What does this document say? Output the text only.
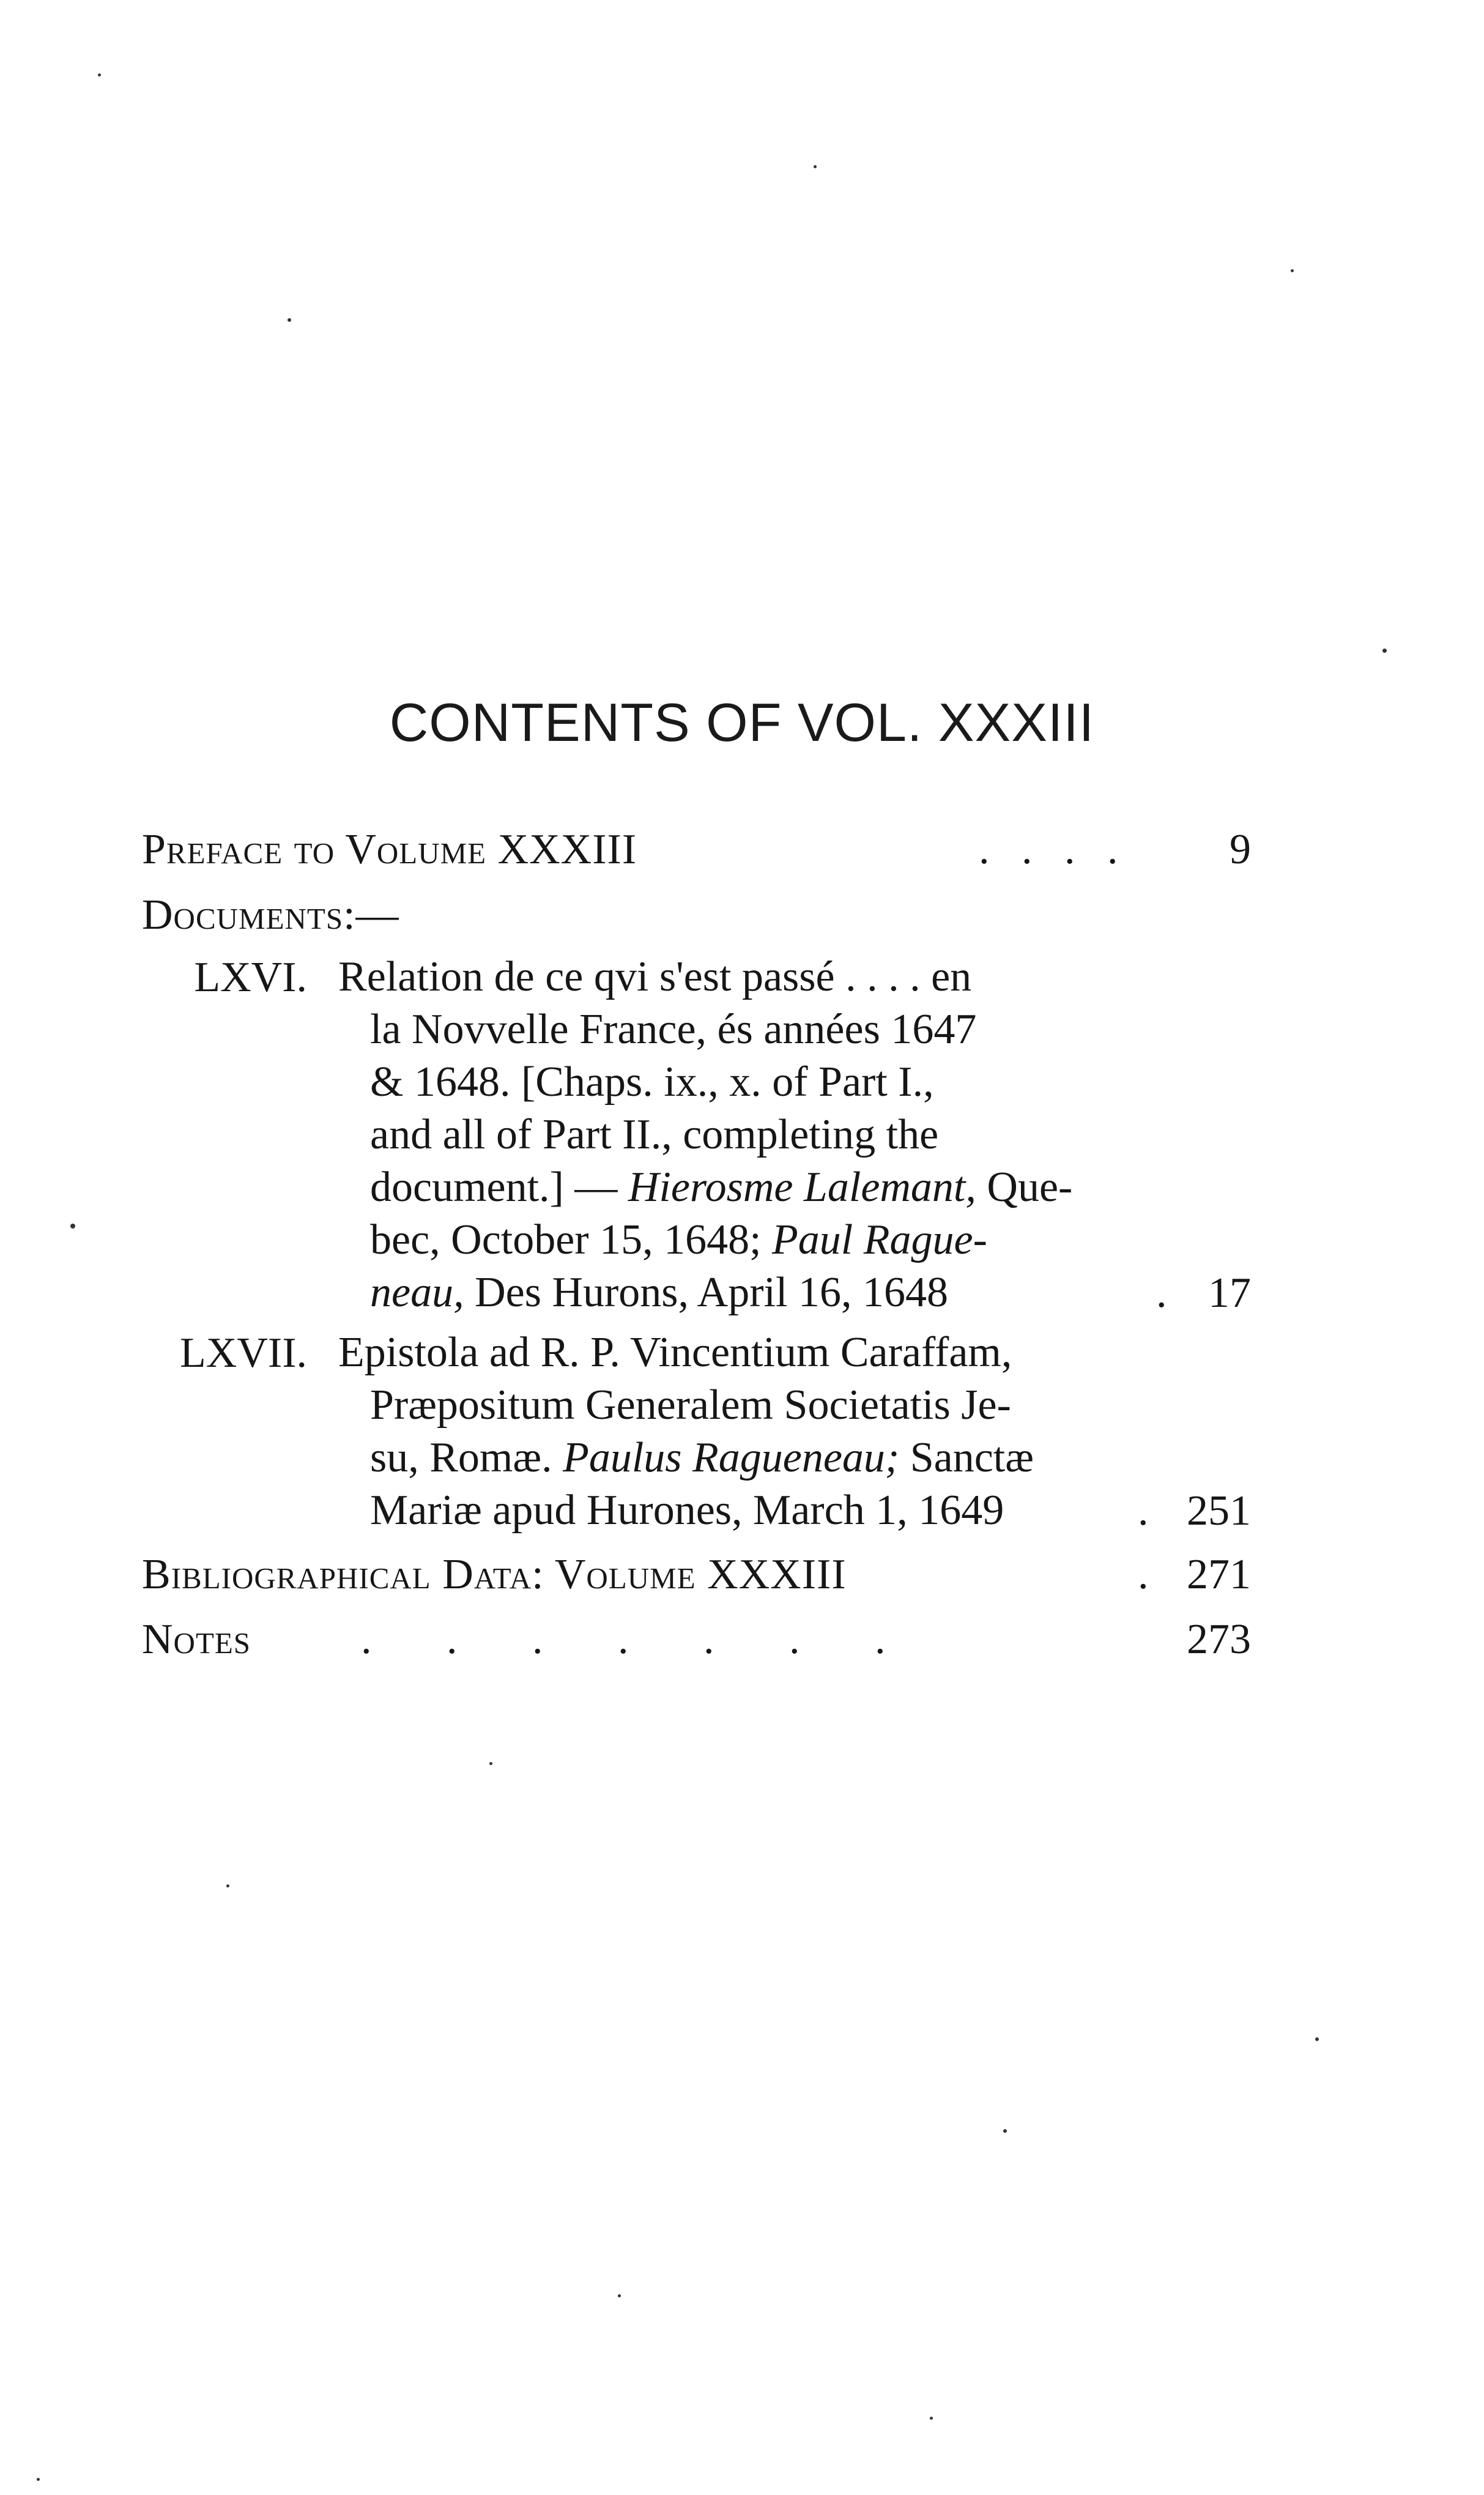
CONTENTS OF VOL. XXXIII
Preface to Volume XXXIII	.   .   .   .	9
Documents:—
LXVI. Relation de ce qvi s'est passé . . . . en
la Novvelle France, és années 1647
& 1648. [Chaps. ix., x. of Part I.,
and all of Part II., completing the
document.] — Hierosme Lalemant, Que-
bec, October 15, 1648; Paul Rague-
neau, Des Hurons, April 16, 1648	. 17
LXVII. Epistola ad R. P. Vincentium Caraffam,
Præpositum Generalem Societatis Je-
su, Romæ. Paulus Ragueneau; Sanctæ
Mariæ apud Hurones, March 1, 1649	. 251
Bibliographical Data: Volume XXXIII	. 271
Notes	.       .       .       .       .       .       .	273
